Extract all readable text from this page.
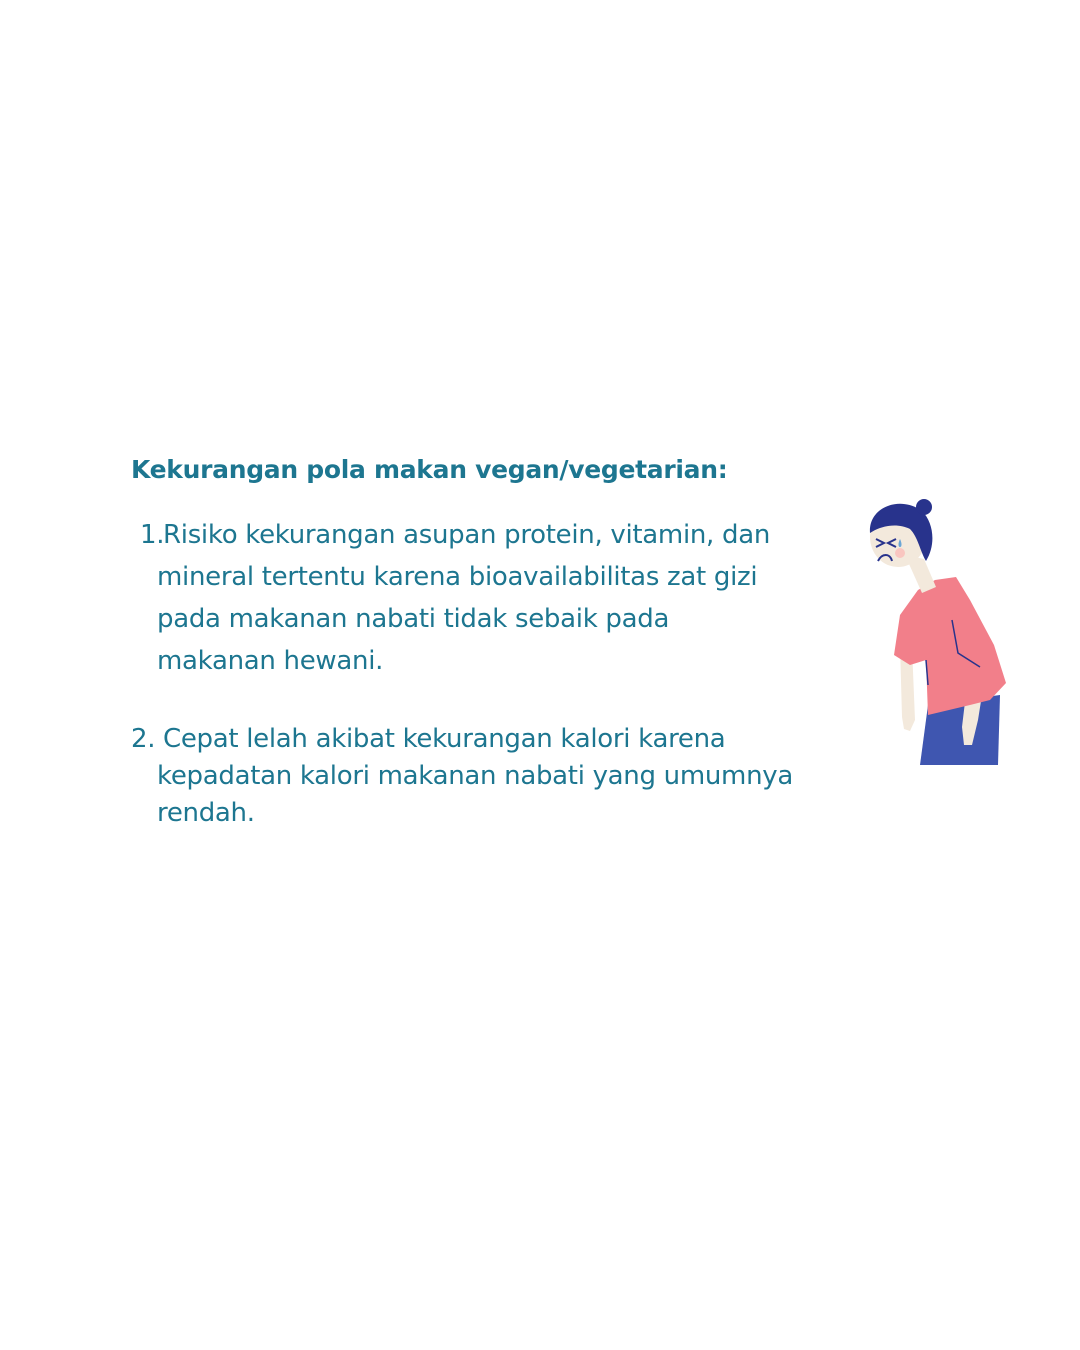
Kekurangan pola makan vegan/vegetarian:
1.Risiko kekurangan asupan protein, vitamin, dan
mineral tertentu karena bioavailabilitas zat gizi
pada makanan nabati tidak sebaik pada
makanan hewani.
2. Cepat lelah akibat kekurangan kalori karena
kepadatan kalori makanan nabati yang umumnya
rendah.
